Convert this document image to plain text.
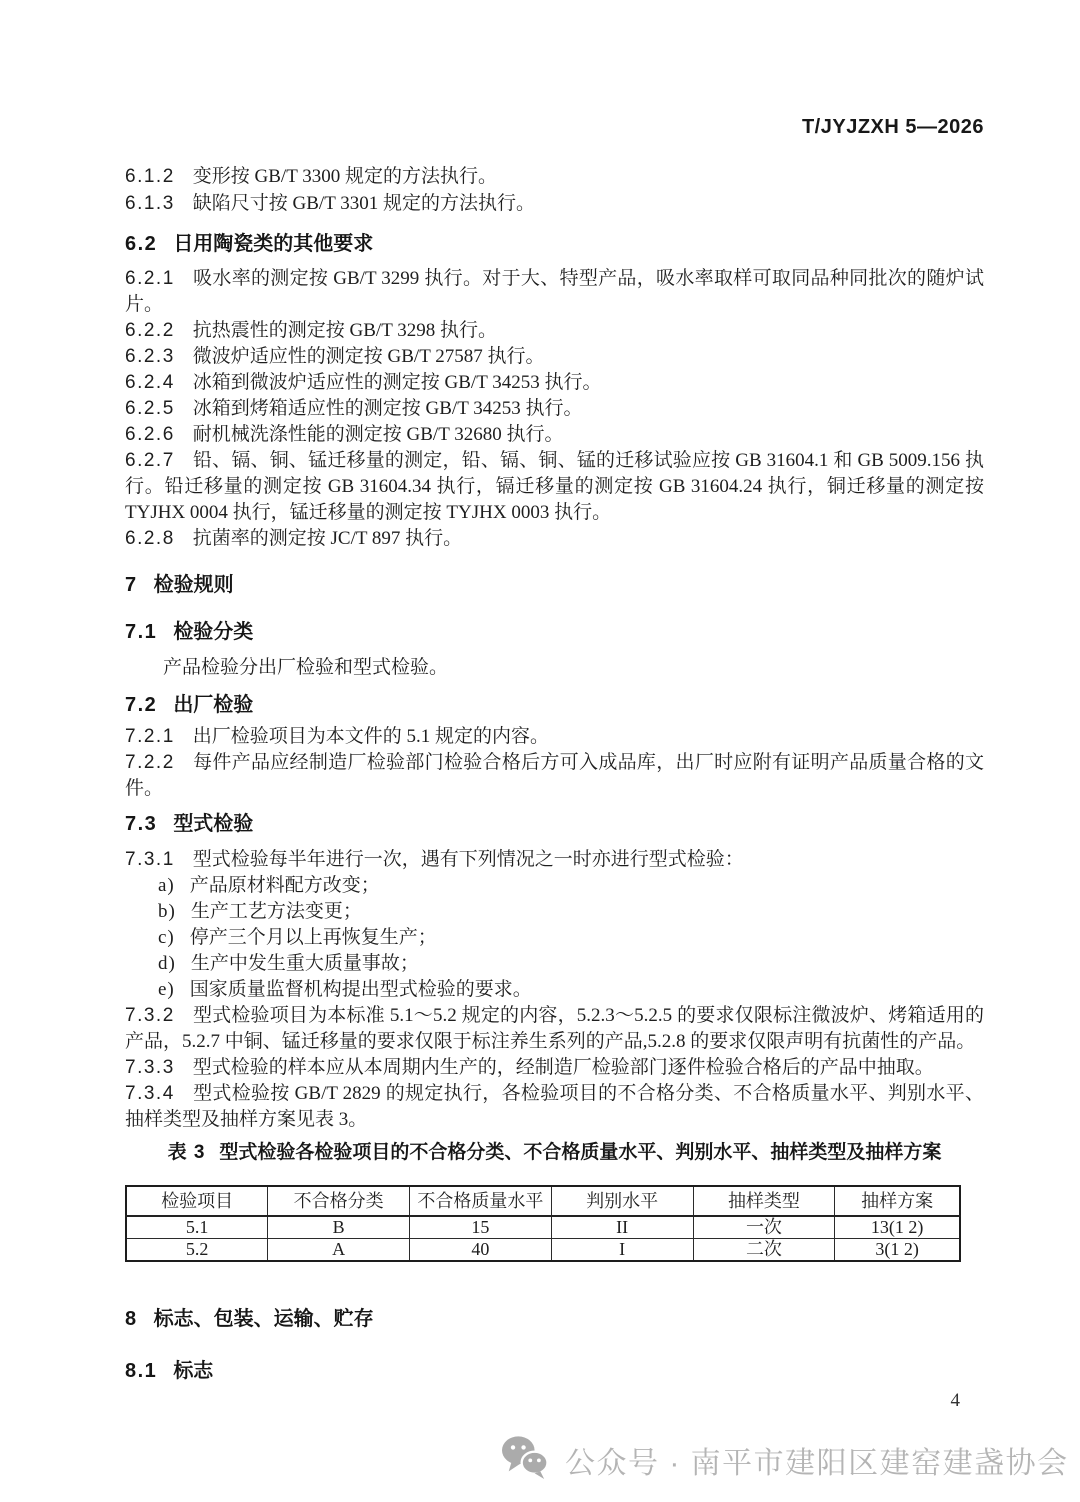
T/JYJZXH 5—2026

6.1.2 变形按 GB/T 3300 规定的方法执行。

6.1.3 缺陷尺寸按 GB/T 3301 规定的方法执行。

6.2 日用陶瓷类的其他要求

6.2.1 吸水率的测定按 GB/T 3299 执行。对于大、特型产品，吸水率取样可取同品种同批次的随炉试片。

6.2.2 抗热震性的测定按 GB/T 3298 执行。

6.2.3 微波炉适应性的测定按 GB/T 27587 执行。

6.2.4 冰箱到微波炉适应性的测定按 GB/T 34253 执行。

6.2.5 冰箱到烤箱适应性的测定按 GB/T 34253 执行。

6.2.6 耐机械洗涤性能的测定按 GB/T 32680 执行。

6.2.7 铅、镉、铜、锰迁移量的测定，铅、镉、铜、锰的迁移试验应按 GB 31604.1 和 GB 5009.156 执行。铅迁移量的测定按 GB 31604.34 执行，镉迁移量的测定按 GB 31604.24 执行，铜迁移量的测定按 TYJHX 0004 执行，锰迁移量的测定按 TYJHX 0003 执行。

6.2.8 抗菌率的测定按 JC/T 897 执行。

7 检验规则

7.1 检验分类

产品检验分出厂检验和型式检验。

7.2 出厂检验

7.2.1 出厂检验项目为本文件的 5.1 规定的内容。

7.2.2 每件产品应经制造厂检验部门检验合格后方可入成品库，出厂时应附有证明产品质量合格的文件。

7.3 型式检验

7.3.1 型式检验每半年进行一次，遇有下列情况之一时亦进行型式检验：

a) 产品原材料配方改变；

b) 生产工艺方法变更；

c) 停产三个月以上再恢复生产；

d) 生产中发生重大质量事故；

e) 国家质量监督机构提出型式检验的要求。

7.3.2 型式检验项目为本标准 5.1～5.2 规定的内容，5.2.3～5.2.5 的要求仅限标注微波炉、烤箱适用的产品，5.2.7 中铜、锰迁移量的要求仅限于标注养生系列的产品,5.2.8 的要求仅限声明有抗菌性的产品。

7.3.3 型式检验的样本应从本周期内生产的，经制造厂检验部门逐件检验合格后的产品中抽取。

7.3.4 型式检验按 GB/T 2829 的规定执行，各检验项目的不合格分类、不合格质量水平、判别水平、抽样类型及抽样方案见表 3。

表 3 型式检验各检验项目的不合格分类、不合格质量水平、判别水平、抽样类型及抽样方案

检验项目	不合格分类	不合格质量水平	判别水平	抽样类型	抽样方案
5.1	B	15	II	一次	13(1 2)
5.2	A	40	I	二次	3(1 2)

8 标志、包装、运输、贮存

8.1 标志

4
公众号 · 南平市建阳区建窑建盏协会
